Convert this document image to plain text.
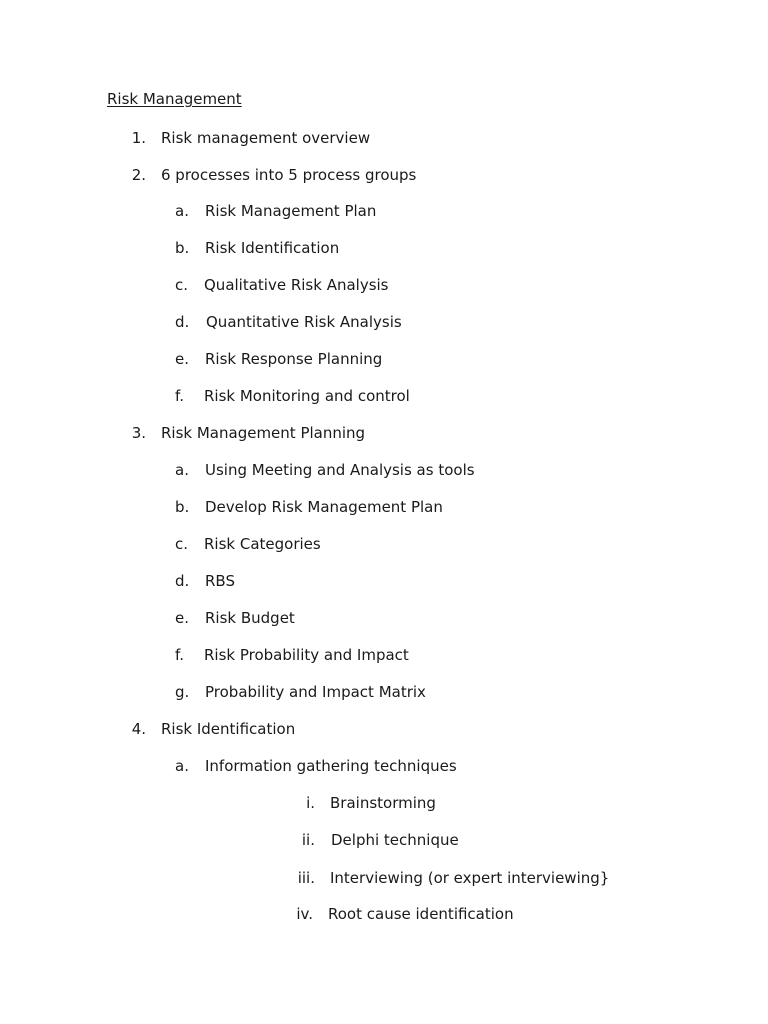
Risk Management
1. Risk management overview
2. 6 processes into 5 process groups
a. Risk Management Plan
b. Risk Identification
c. Qualitative Risk Analysis
d. Quantitative Risk Analysis
e. Risk Response Planning
f. Risk Monitoring and control
3. Risk Management Planning
a. Using Meeting and Analysis as tools
b. Develop Risk Management Plan
c. Risk Categories
d. RBS
e. Risk Budget
f. Risk Probability and Impact
g. Probability and Impact Matrix
4. Risk Identification
a. Information gathering techniques
i. Brainstorming
ii. Delphi technique
iii. Interviewing (or expert interviewing}
iv. Root cause identification
